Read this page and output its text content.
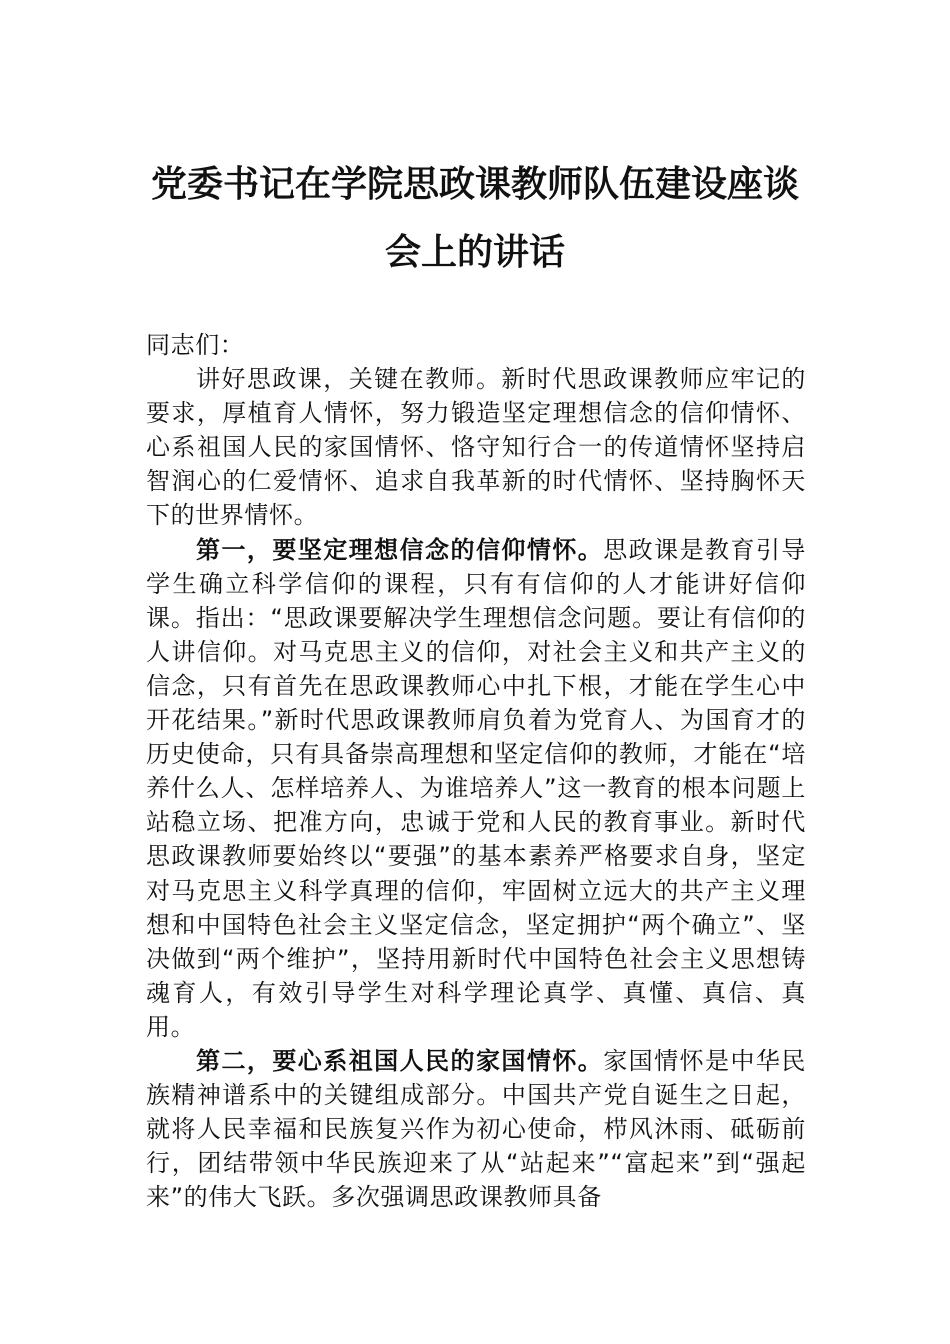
党委书记在学院思政课教师队伍建设座谈
会上的讲话

同志们：

讲好思政课，关键在教师。新时代思政课教师应牢记的要求，厚植育人情怀，努力锻造坚定理想信念的信仰情怀、心系祖国人民的家国情怀、恪守知行合一的传道情怀坚持启智润心的仁爱情怀、追求自我革新的时代情怀、坚持胸怀天下的世界情怀。

第一，要坚定理想信念的信仰情怀。思政课是教育引导学生确立科学信仰的课程，只有有信仰的人才能讲好信仰课。指出：“思政课要解决学生理想信念问题。要让有信仰的人讲信仰。对马克思主义的信仰，对社会主义和共产主义的信念，只有首先在思政课教师心中扎下根，才能在学生心中开花结果。”新时代思政课教师肩负着为党育人、为国育才的历史使命，只有具备崇高理想和坚定信仰的教师，才能在“培养什么人、怎样培养人、为谁培养人”这一教育的根本问题上站稳立场、把准方向，忠诚于党和人民的教育事业。新时代思政课教师要始终以“要强”的基本素养严格要求自身，坚定对马克思主义科学真理的信仰，牢固树立远大的共产主义理想和中国特色社会主义坚定信念，坚定拥护“两个确立”、坚决做到“两个维护”，坚持用新时代中国特色社会主义思想铸魂育人，有效引导学生对科学理论真学、真懂、真信、真用。

第二，要心系祖国人民的家国情怀。家国情怀是中华民族精神谱系中的关键组成部分。中国共产党自诞生之日起，就将人民幸福和民族复兴作为初心使命，栉风沐雨、砥砺前行，团结带领中华民族迎来了从“站起来”“富起来”到“强起来”的伟大飞跃。多次强调思政课教师具备
